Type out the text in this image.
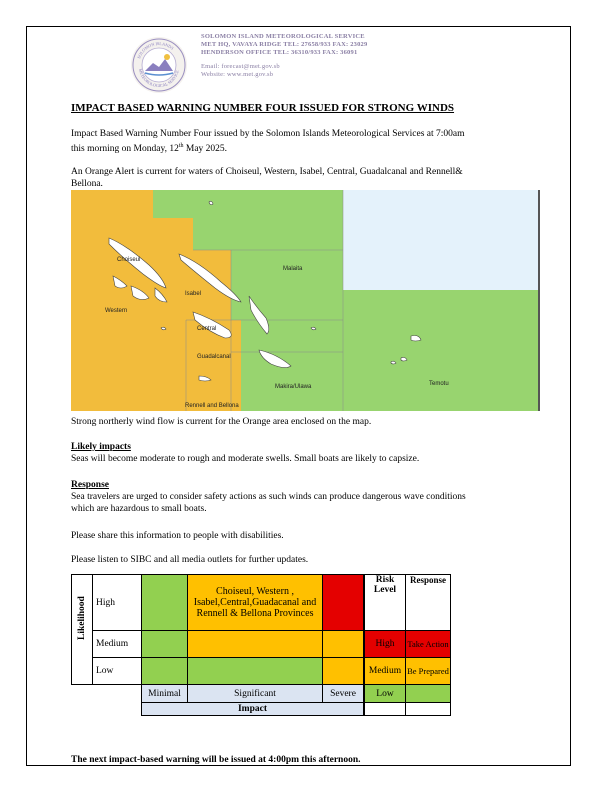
SOLOMON ISLANDS
METEOROLOGICAL SERVICE
SOLOMON ISLAND METEOROLOGICAL SERVICE
MET HQ, VAVAYA RIDGE TEL: 27658/933 FAX: 23029
HENDERSON OFFICE TEL: 36310/933 FAX: 36091
Email: forecast@met.gov.sb
Website: www.met.gov.sb
IMPACT BASED WARNING NUMBER FOUR ISSUED FOR STRONG WINDS
Impact Based Warning Number Four issued by the Solomon Islands Meteorological Services at 7:00am
this morning on Monday, 12th May 2025.
An Orange Alert is current for waters of Choiseul, Western, Isabel, Central, Guadalcanal and Rennell&
Bellona.
Choiseul
Isabel
Western
Central
Guadalcanal
Malaita
Makira/Ulawa	Temotu
Rennell and Bellona
Strong northerly wind flow is current for the Orange area enclosed on the map.
Likely impacts
Seas will become moderate to rough and moderate swells. Small boats are likely to capsize.
Response
Sea travelers are urged to consider safety actions as such winds can produce dangerous wave conditions
which are hazardous to small boats.
Please share this information to people with disabilities.
Please listen to SIBC and all media outlets for further updates.
Likelihood	High		Choiseul, Western , Isabel,Central,Guadacanal and Rennell & Bellona Provinces			Risk Level	Response
	Medium				High	Take Action
	Low				Medium	Be Prepared
		Minimal	Significant	Severe	Low	
		Impact				
The next impact-based warning will be issued at 4:00pm this afternoon.
